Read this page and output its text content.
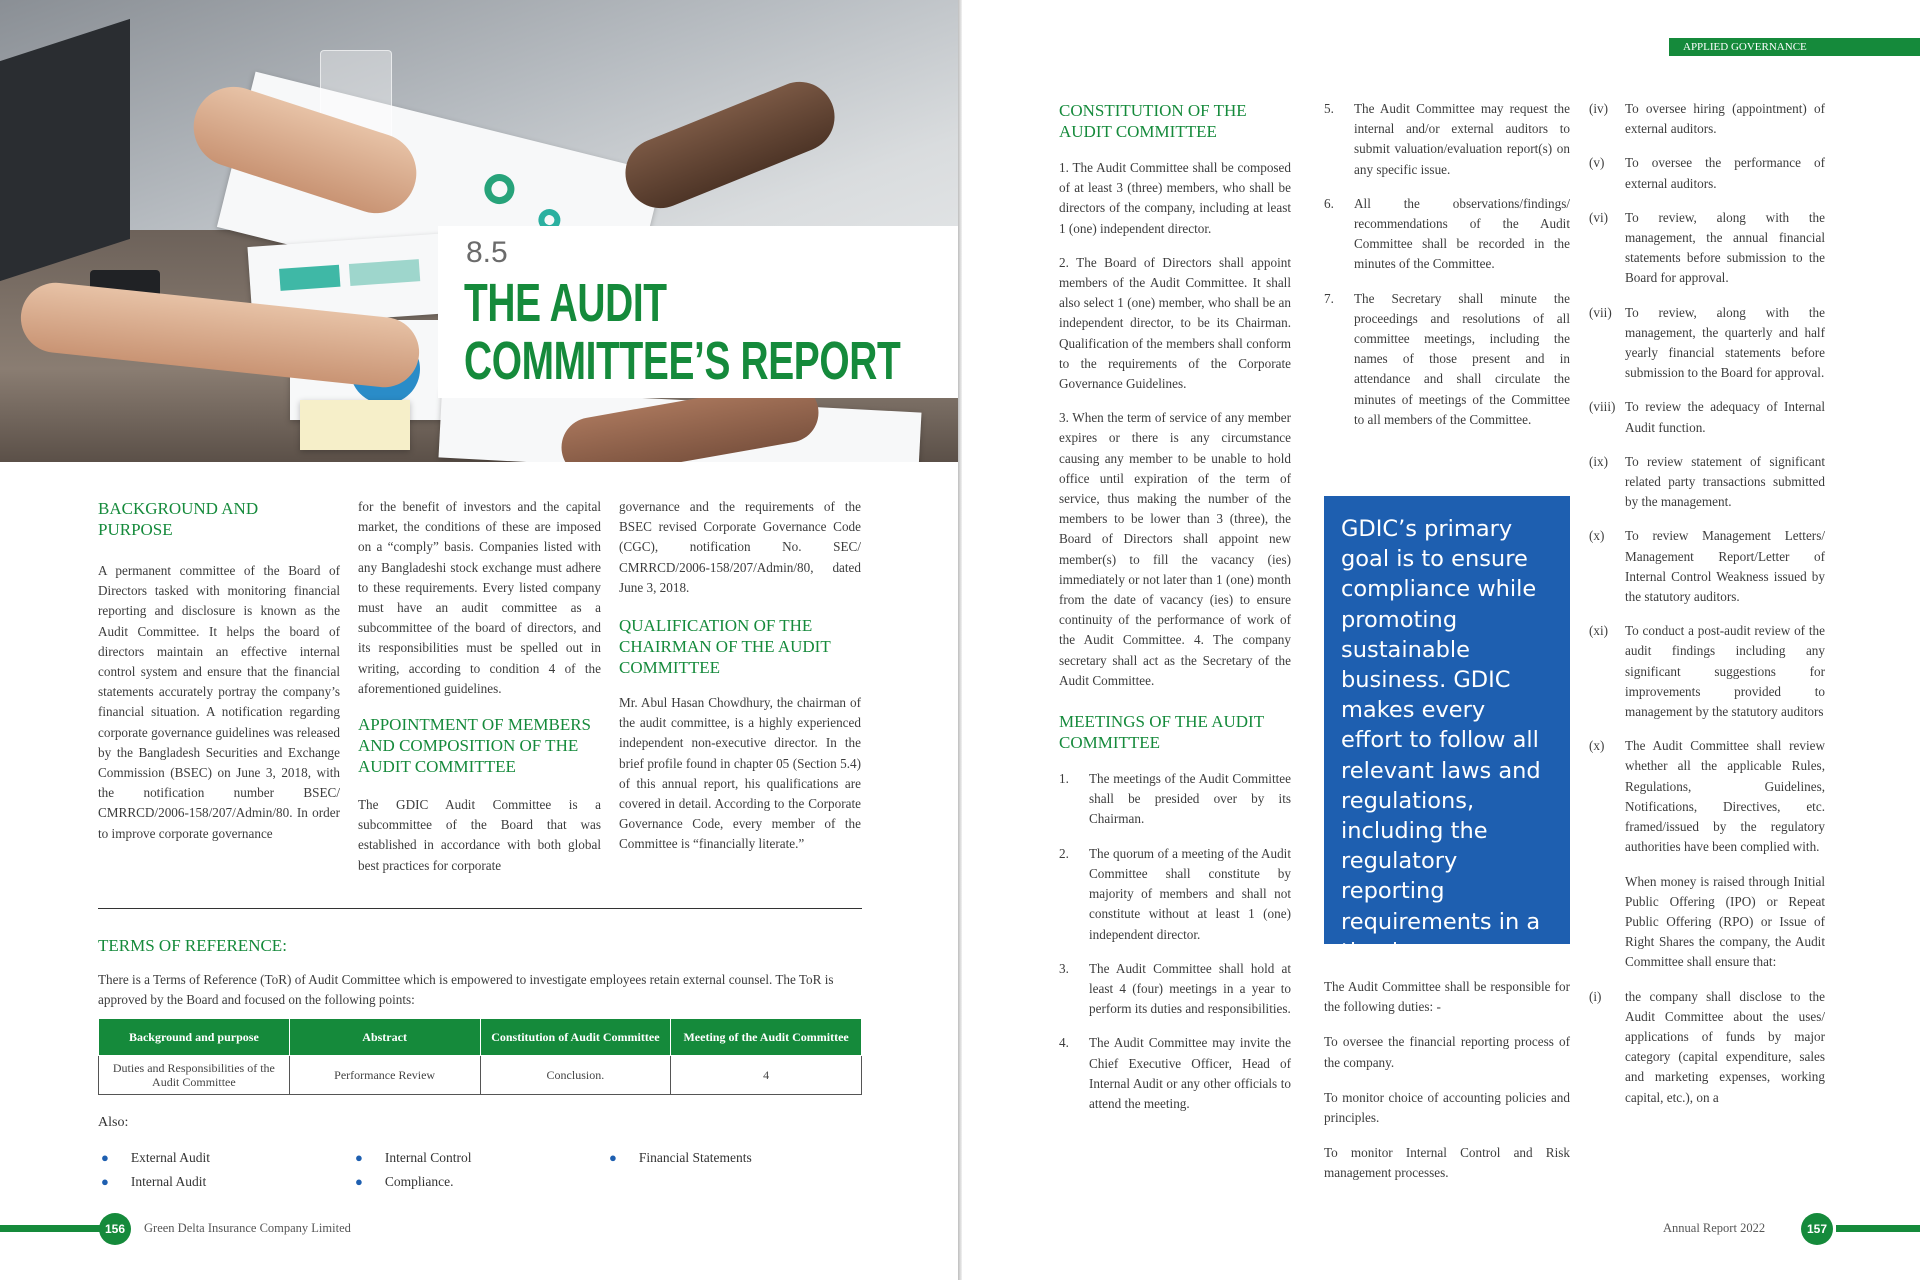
8.5
THE AUDIT
COMMITTEE’S REPORT
BACKGROUND AND
PURPOSE
A permanent committee of the Board of Directors tasked with monitoring financial reporting and disclosure is known as the Audit Committee. It helps the board of directors maintain an effective internal control system and ensure that the financial statements accurately portray the company’s financial situation. A notification regarding corporate governance guidelines was released by the Bangladesh Securities and Exchange Commission (BSEC) on June 3, 2018, with the notification number BSEC/ CMRRCD/2006-158/207/Admin/80. In order to improve corporate governance
for the benefit of investors and the capital market, the conditions of these are imposed on a “comply” basis. Companies listed with any Bangladeshi stock exchange must adhere to these requirements. Every listed company must have an audit committee as a subcommittee of the board of directors, and its responsibilities must be spelled out in writing, according to condition 4 of the aforementioned guidelines.
APPOINTMENT OF MEMBERS
AND COMPOSITION OF THE
AUDIT COMMITTEE
The GDIC Audit Committee is a subcommittee of the Board that was established in accordance with both global best practices for corporate
governance and the requirements of the BSEC revised Corporate Governance Code (CGC), notification No. SEC/ CMRRCD/2006-158/207/Admin/80, dated June 3, 2018.
QUALIFICATION OF THE
CHAIRMAN OF THE AUDIT
COMMITTEE
Mr. Abul Hasan Chowdhury, the chairman of the audit committee, is a highly experienced independent non-executive director. In the brief profile found in chapter 05 (Section 5.4) of this annual report, his qualifications are covered in detail. According to the Corporate Governance Code, every member of the Committee is “financially literate.”
TERMS OF REFERENCE:
There is a Terms of Reference (ToR) of Audit Committee which is empowered to investigate employees retain external counsel. The ToR is approved by the Board and focused on the following points:
Background and purpose	Abstract	Constitution of Audit Committee	Meeting of the Audit Committee
Duties and Responsibilities of the Audit Committee	Performance Review	Conclusion.	4
Also:
● External Audit
● Internal Audit
● Internal Control
● Compliance.
● Financial Statements
156	Green Delta Insurance Company Limited
APPLIED GOVERNANCE
CONSTITUTION OF THE
AUDIT COMMITTEE
1. The Audit Committee shall be composed of at least 3 (three) members, who shall be directors of the company, including at least 1 (one) independent director.
2. The Board of Directors shall appoint members of the Audit Committee. It shall also select 1 (one) member, who shall be an independent director, to be its Chairman. Qualification of the members shall conform to the requirements of the Corporate Governance Guidelines.
3. When the term of service of any member expires or there is any circumstance causing any member to be unable to hold office until expiration of the term of service, thus making the number of the members to be lower than 3 (three), the Board of Directors shall appoint new member(s) to fill the vacancy (ies) immediately or not later than 1 (one) month from the date of vacancy (ies) to ensure continuity of the performance of work of the Audit Committee. 4. The company secretary shall act as the Secretary of the Audit Committee.
MEETINGS OF THE AUDIT
COMMITTEE
1. The meetings of the Audit Committee shall be presided over by its Chairman.
2. The quorum of a meeting of the Audit Committee shall constitute by majority of members and shall not constitute without at least 1 (one) independent director.
3. The Audit Committee shall hold at least 4 (four) meetings in a year to perform its duties and responsibilities.
4. The Audit Committee may invite the Chief Executive Officer, Head of Internal Audit or any other officials to attend the meeting.
5. The Audit Committee may request the internal and/or external auditors to submit valuation/evaluation report(s) on any specific issue.
6. All the observations/findings/ recommendations of the Audit Committee shall be recorded in the minutes of the Committee.
7. The Secretary shall minute the proceedings and resolutions of all committee meetings, including the names of those present and in attendance and shall circulate the minutes of meetings of the Committee to all members of the Committee.
GDIC’s primary goal is to ensure compliance while promoting sustainable business. GDIC makes every effort to follow all relevant laws and regulations, including the regulatory reporting requirements in a timely manner.
The Audit Committee shall be responsible for the following duties: -
To oversee the financial reporting process of the company.
To monitor choice of accounting policies and principles.
To monitor Internal Control and Risk management processes.
(iv) To oversee hiring (appointment) of external auditors.
(v) To oversee the performance of external auditors.
(vi) To review, along with the management, the annual financial statements before submission to the Board for approval.
(vii) To review, along with the management, the quarterly and half yearly financial statements before submission to the Board for approval.
(viii) To review the adequacy of Internal Audit function.
(ix) To review statement of significant related party transactions submitted by the management.
(x) To review Management Letters/ Management Report/Letter of Internal Control Weakness issued by the statutory auditors.
(xi) To conduct a post-audit review of the audit findings including any significant suggestions for improvements provided to management by the statutory auditors
(x) The Audit Committee shall review whether all the applicable Rules, Regulations, Guidelines, Notifications, Directives, etc. framed/issued by the regulatory authorities have been complied with.
When money is raised through Initial Public Offering (IPO) or Repeat Public Offering (RPO) or Issue of Right Shares the company, the Audit Committee shall ensure that:
(i) the company shall disclose to the Audit Committee about the uses/ applications of funds by major category (capital expenditure, sales and marketing expenses, working capital, etc.), on a
Annual Report 2022	157
